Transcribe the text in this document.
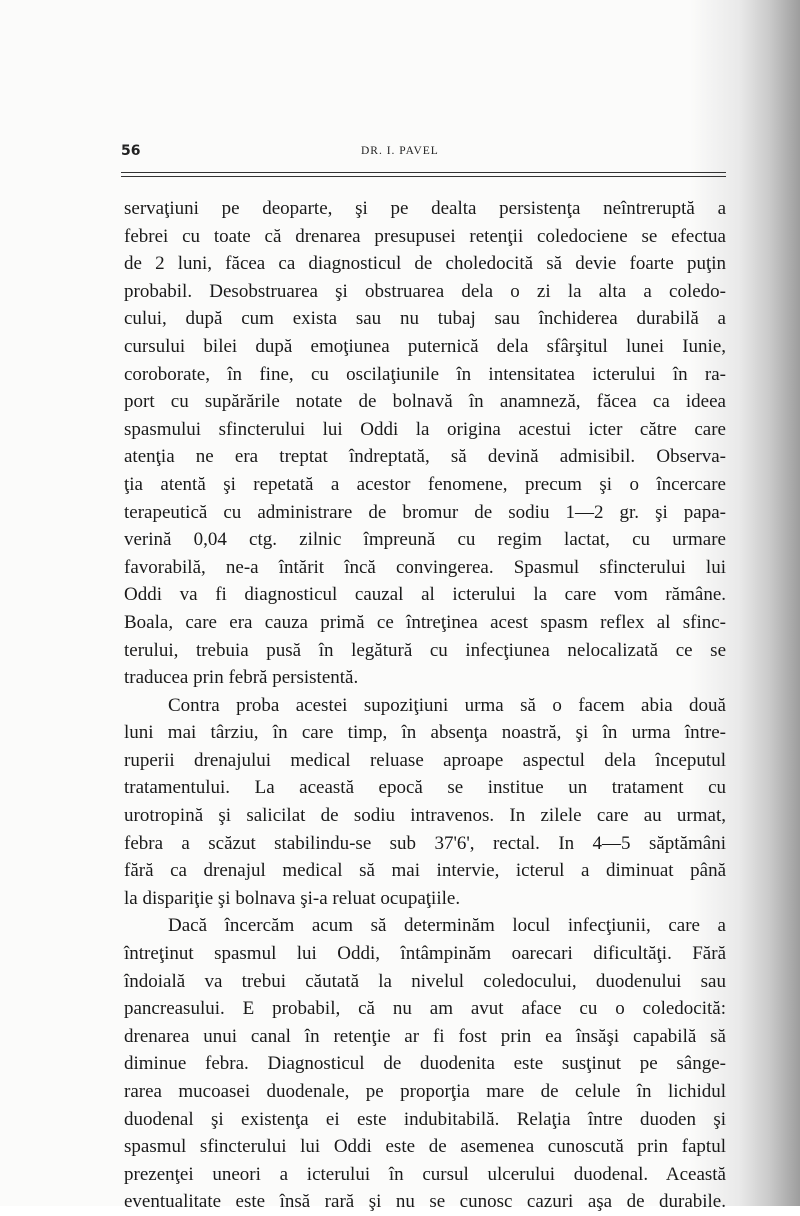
56	DR. I. PAVEL
servaţiuni pe deoparte, şi pe dealta persistenţa neîntreruptă a
febrei cu toate că drenarea presupusei retenţii coledociene se efectua
de 2 luni, făcea ca diagnosticul de choledocită să devie foarte puţin
probabil. Desobstruarea şi obstruarea dela o zi la alta a coledo-
cului, după cum exista sau nu tubaj sau închiderea durabilă a
cursului bilei după emoţiunea puternică dela sfârşitul lunei Iunie,
coroborate, în fine, cu oscilaţiunile în intensitatea icterului în ra-
port cu supărările notate de bolnavă în anamneză, făcea ca ideea
spasmului sfincterului lui Oddi la origina acestui icter către care
atenţia ne era treptat îndreptată, să devină admisibil. Observa-
ţia atentă şi repetată a acestor fenomene, precum şi o încercare
terapeutică cu administrare de bromur de sodiu 1—2 gr. şi papa-
verină 0,04 ctg. zilnic împreună cu regim lactat, cu urmare
favorabilă, ne-a întărit încă convingerea. Spasmul sfincterului lui
Oddi va fi diagnosticul cauzal al icterului la care vom rămâne.
Boala, care era cauza primă ce întreţinea acest spasm reflex al sfinc-
terului, trebuia pusă în legătură cu infecţiunea nelocalizată ce se
traducea prin febră persistentă.
Contra proba acestei supoziţiuni urma să o facem abia două
luni mai târziu, în care timp, în absenţa noastră, şi în urma între-
ruperii drenajului medical reluase aproape aspectul dela începutul
tratamentului. La această epocă se institue un tratament cu
urotropină şi salicilat de sodiu intravenos. In zilele care au urmat,
febra a scăzut stabilindu-se sub 37'6', rectal. In 4—5 săptămâni
fără ca drenajul medical să mai intervie, icterul a diminuat până
la dispariţie şi bolnava şi-a reluat ocupaţiile.
Dacă încercăm acum să determinăm locul infecţiunii, care a
întreţinut spasmul lui Oddi, întâmpinăm oarecari dificultăţi. Fără
îndoială va trebui căutată la nivelul coledocului, duodenului sau
pancreasului. E probabil, că nu am avut aface cu o coledocită:
drenarea unui canal în retenţie ar fi fost prin ea însăşi capabilă să
diminue febra. Diagnosticul de duodenita este susţinut pe sânge-
rarea mucoasei duodenale, pe proporţia mare de celule în lichidul
duodenal şi existenţa ei este indubitabilă. Relaţia între duoden şi
spasmul sfincterului lui Oddi este de asemenea cunoscută prin faptul
prezenţei uneori a icterului în cursul ulcerului duodenal. Această
eventualitate este însă rară şi nu se cunosc cazuri aşa de durabile.
